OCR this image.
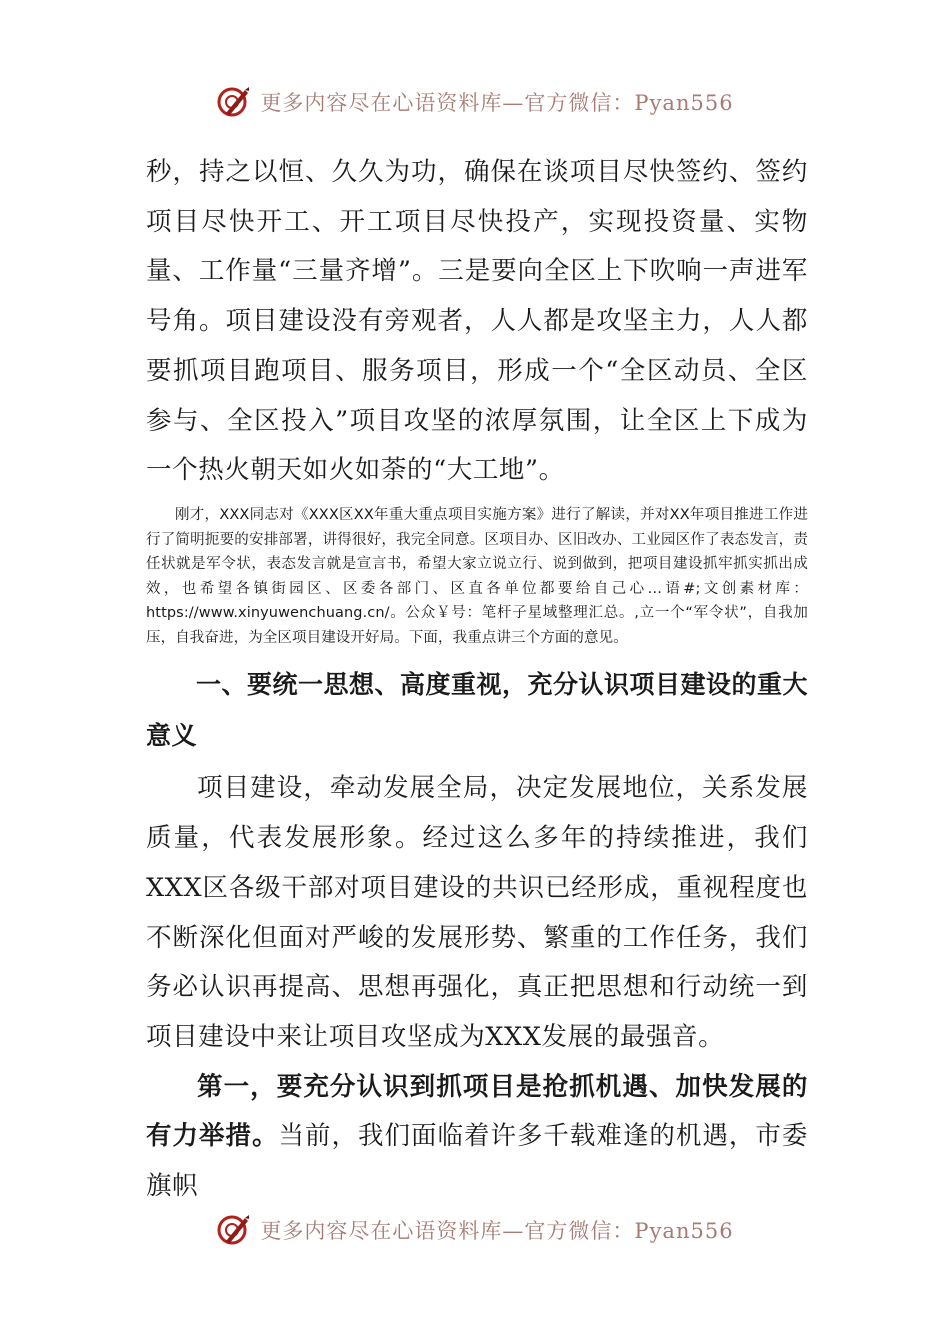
更多内容尽在心语资料库—官方微信：Pyan556

秒，持之以恒、久久为功，确保在谈项目尽快签约、签约项目尽快开工、开工项目尽快投产，实现投资量、实物量、工作量“三量齐增”。三是要向全区上下吹响一声进军号角。项目建设没有旁观者，人人都是攻坚主力，人人都要抓项目跑项目、服务项目，形成一个“全区动员、全区参与、全区投入”项目攻坚的浓厚氛围，让全区上下成为一个热火朝天如火如荼的“大工地”。

刚才，XXX同志对《XXX区XX年重大重点项目实施方案》进行了解读，并对XX年项目推进工作进行了简明扼要的安排部署，讲得很好，我完全同意。区项目办、区旧改办、工业园区作了表态发言，责任状就是军令状，表态发言就是宣言书，希望大家立说立行、说到做到，把项目建设抓牢抓实抓出成效，也希望各镇街园区、区委各部门、区直各单位都要给自己心…语#;文创素材库：https://www.xinyuwenchuang.cn/。公众￥号：笔杆子星域整理汇总。,立一个“军令状”，自我加压，自我奋进，为全区项目建设开好局。下面，我重点讲三个方面的意见。

一、要统一思想、高度重视，充分认识项目建设的重大意义

项目建设，牵动发展全局，决定发展地位，关系发展质量，代表发展形象。经过这么多年的持续推进，我们XXX区各级干部对项目建设的共识已经形成，重视程度也不断深化但面对严峻的发展形势、繁重的工作任务，我们务必认识再提高、思想再强化，真正把思想和行动统一到项目建设中来让项目攻坚成为XXX发展的最强音。

第一，要充分认识到抓项目是抢抓机遇、加快发展的有力举措。当前，我们面临着许多千载难逢的机遇，市委旗帜

更多内容尽在心语资料库—官方微信：Pyan556
